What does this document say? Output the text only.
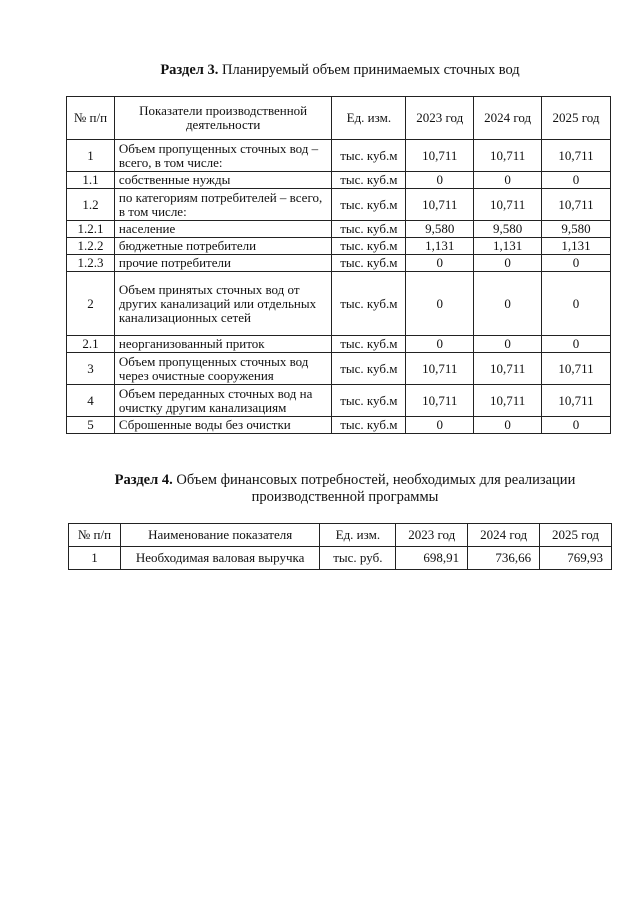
Раздел 3. Планируемый объем принимаемых сточных вод
№ п/п	Показатели производственной деятельности	Ед. изм.	2023 год	2024 год	2025 год
1	Объем пропущенных сточных вод – всего, в том числе:	тыс. куб.м	10,711	10,711	10,711
1.1	собственные нужды	тыс. куб.м	0	0	0
1.2	по категориям потребителей – всего, в том числе:	тыс. куб.м	10,711	10,711	10,711
1.2.1	население	тыс. куб.м	9,580	9,580	9,580
1.2.2	бюджетные потребители	тыс. куб.м	1,131	1,131	1,131
1.2.3	прочие потребители	тыс. куб.м	0	0	0
2	Объем принятых сточных вод от других канализаций или отдельных канализационных сетей	тыс. куб.м	0	0	0
2.1	неорганизованный приток	тыс. куб.м	0	0	0
3	Объем пропущенных сточных вод через очистные сооружения	тыс. куб.м	10,711	10,711	10,711
4	Объем переданных сточных вод на очистку другим канализациям	тыс. куб.м	10,711	10,711	10,711
5	Сброшенные воды без очистки	тыс. куб.м	0	0	0
Раздел 4. Объем финансовых потребностей, необходимых для реализации производственной программы
№ п/п	Наименование показателя	Ед. изм.	2023 год	2024 год	2025 год
1	Необходимая валовая выручка	тыс. руб.	698,91	736,66	769,93
